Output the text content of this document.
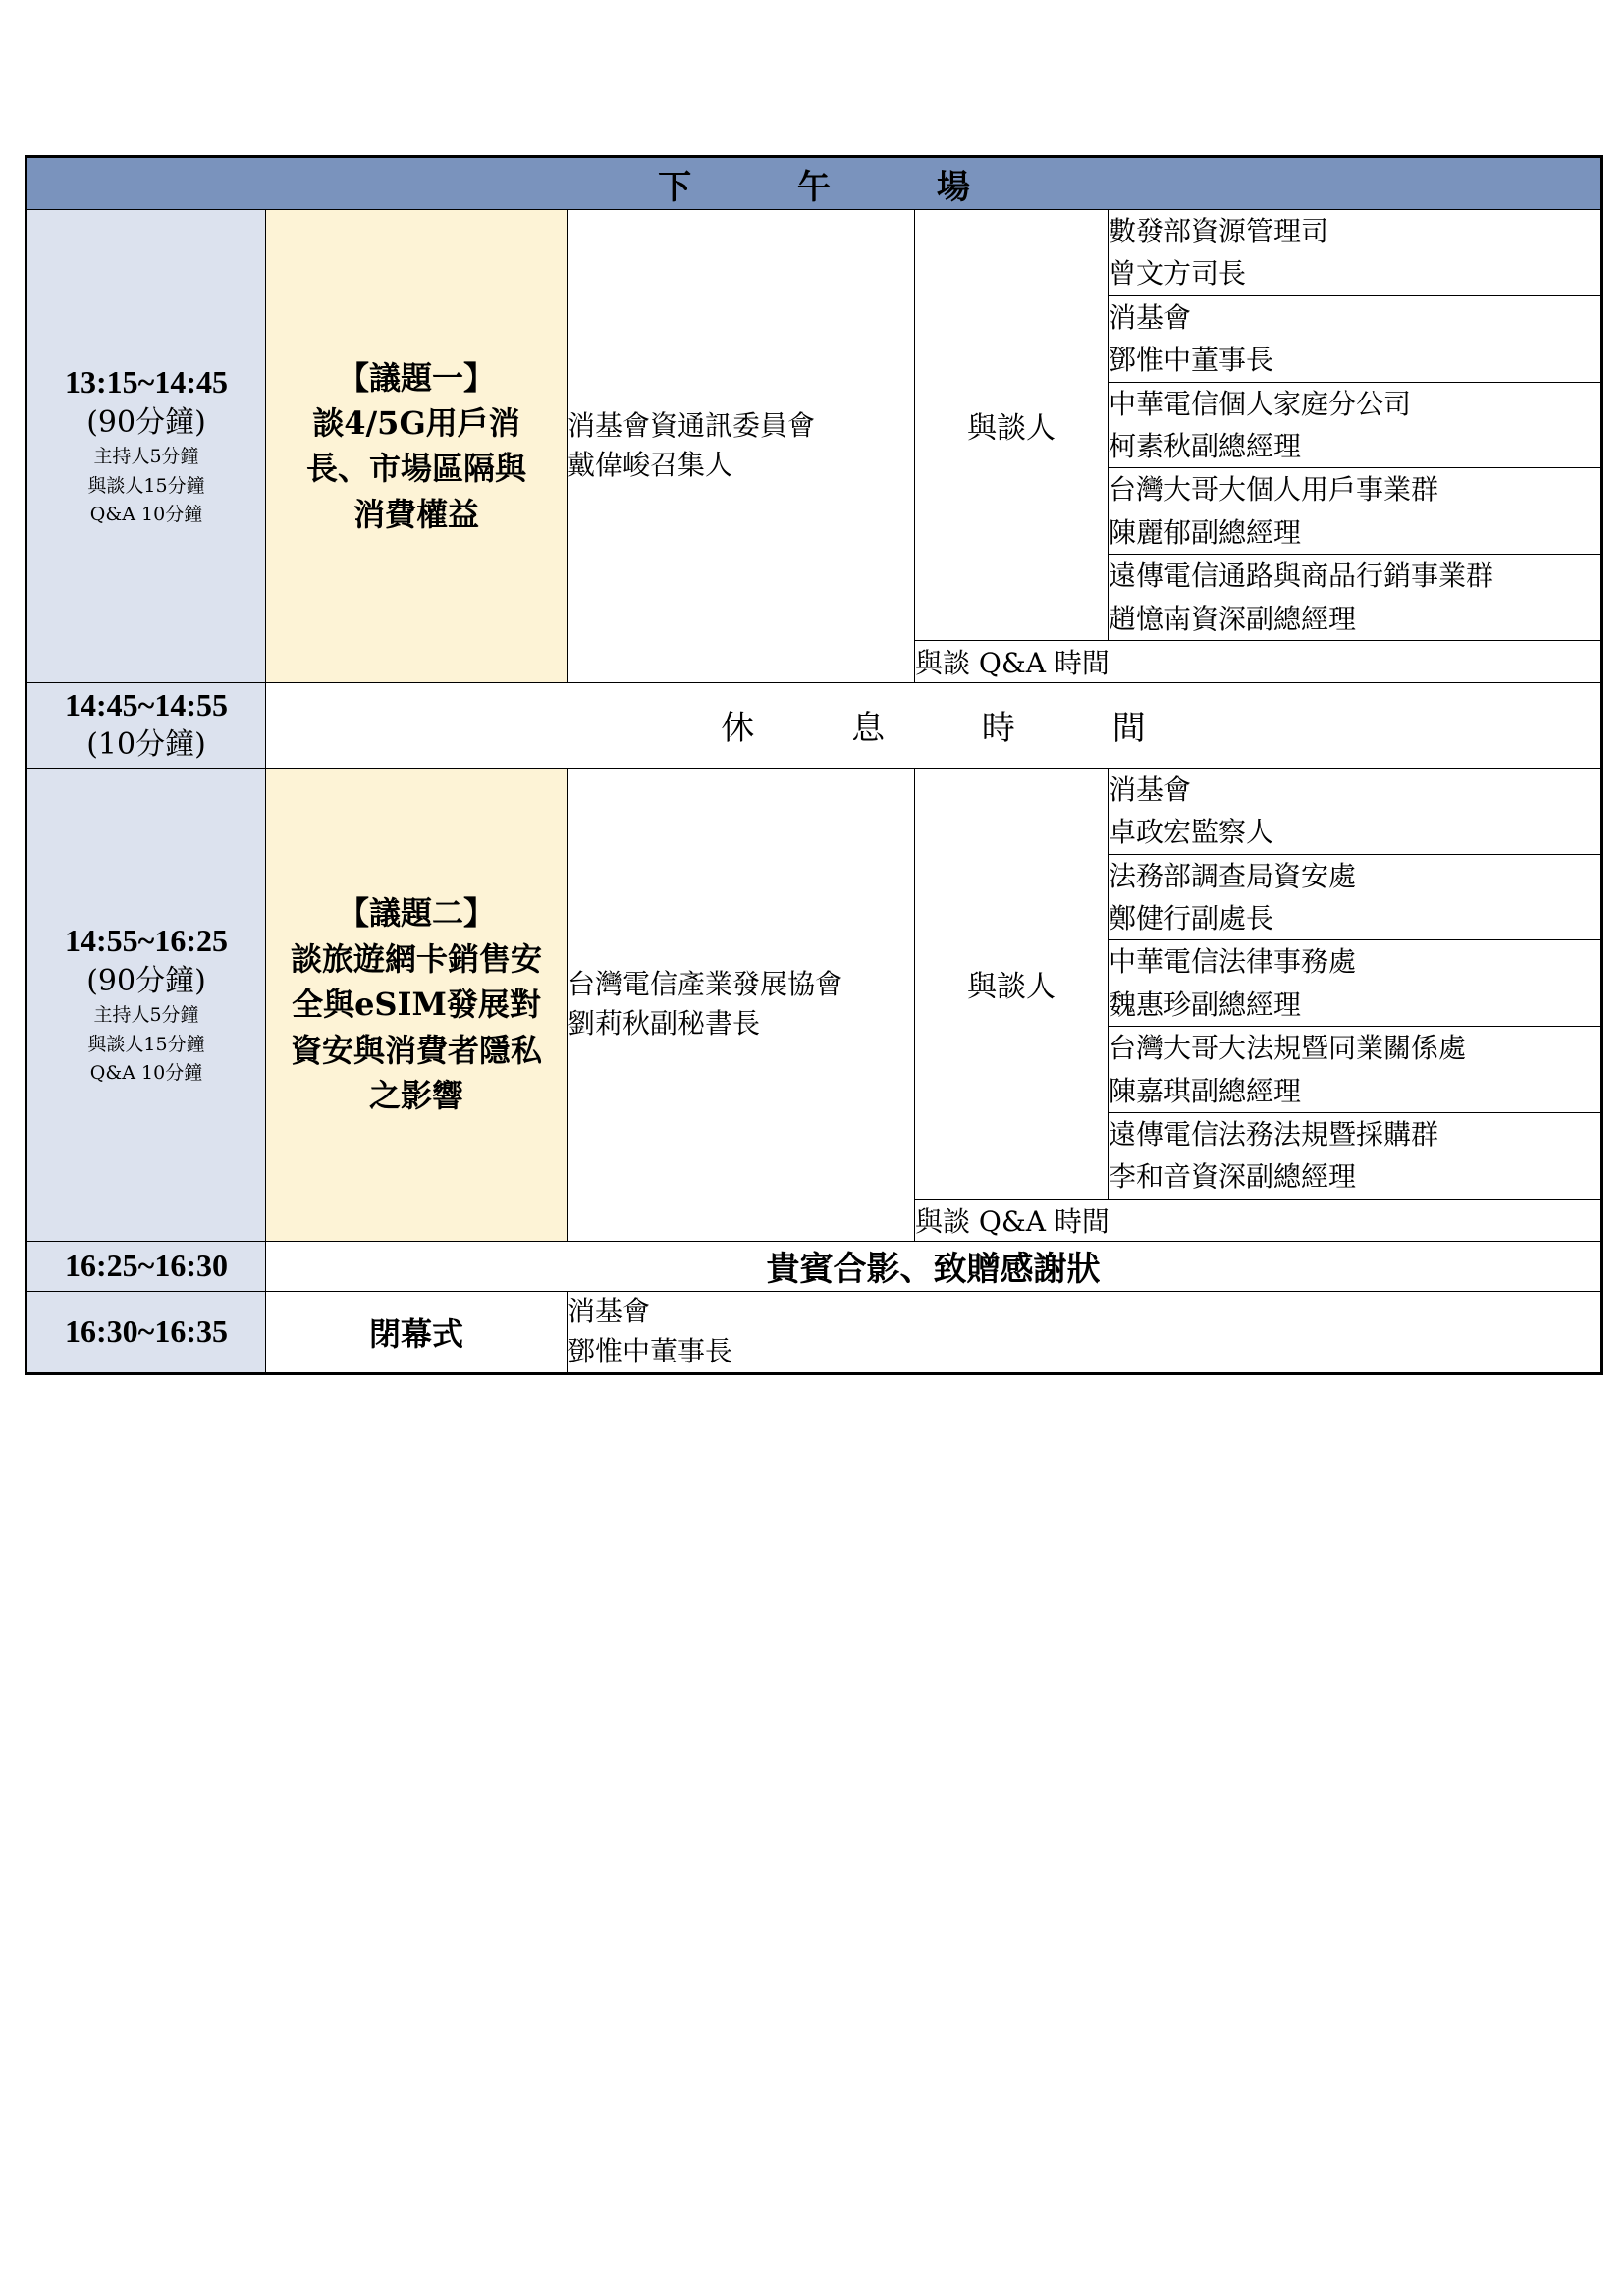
下 午 場				

13:15~14:45
(90分鐘)
主持人5分鐘
與談人15分鐘
Q&A 10分鐘	【議題一】
談4/5G用戶消
長、市場區隔與
消費權益	消基會資通訊委員會
戴偉峻召集人	與談人	數發部資源管理司
曾文方司長

				消基會
鄧惟中董事長

				中華電信個人家庭分公司
柯素秋副總經理

				台灣大哥大個人用戶事業群
陳麗郁副總經理

				遠傳電信通路與商品行銷事業群
趙憶南資深副總經理

			與談 Q&A 時間	

14:45~14:55
(10分鐘)	休 息 時 間			

14:55~16:25
(90分鐘)
主持人5分鐘
與談人15分鐘
Q&A 10分鐘	【議題二】
談旅遊網卡銷售安
全與eSIM發展對
資安與消費者隱私
之影響	台灣電信產業發展協會
劉莉秋副秘書長	與談人	消基會
卓政宏監察人

				法務部調查局資安處
鄭健行副處長

				中華電信法律事務處
魏惠珍副總經理

				台灣大哥大法規暨同業關係處
陳嘉琪副總經理

				遠傳電信法務法規暨採購群
李和音資深副總經理

			與談 Q&A 時間	

16:25~16:30	貴賓合影、致贈感謝狀			

16:30~16:35	閉幕式	消基會
鄧惟中董事長		
